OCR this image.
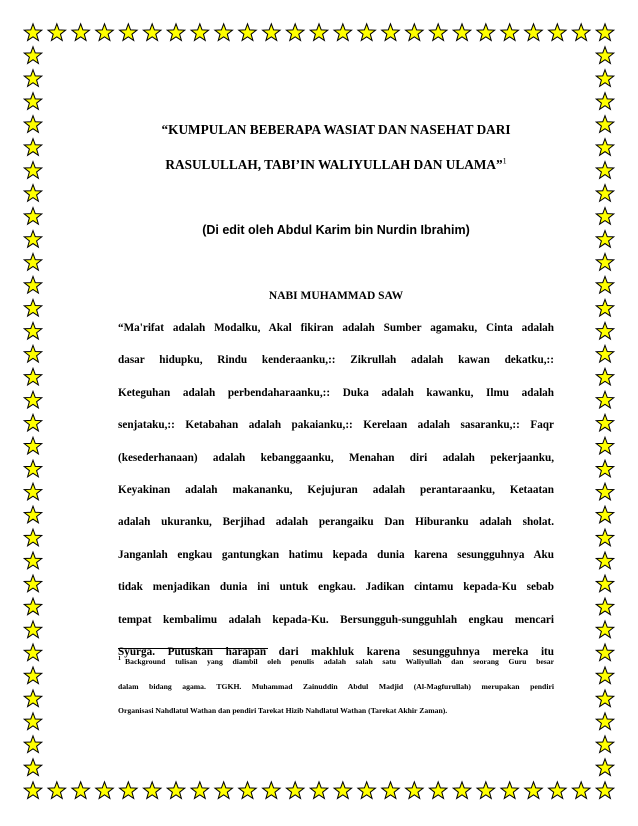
“KUMPULAN BEBERAPA WASIAT DAN NASEHAT DARI
RASULULLAH, TABI’IN WALIYULLAH DAN ULAMA”$^1$
(Di edit oleh Abdul Karim bin Nurdin Ibrahim)
NABI MUHAMMAD SAW
“Ma'rifat adalah Modalku, Akal fikiran adalah Sumber agamaku, Cinta adalah
dasar hidupku, Rindu kenderaanku,:: Zikrullah adalah kawan dekatku,::
Keteguhan adalah perbendaharaanku,:: Duka adalah kawanku, Ilmu adalah
senjataku,:: Ketabahan adalah pakaianku,:: Kerelaan adalah sasaranku,:: Faqr
(kesederhanaan) adalah kebanggaanku, Menahan diri adalah pekerjaanku,
Keyakinan adalah makananku, Kejujuran adalah perantaraanku, Ketaatan
adalah ukuranku, Berjihad adalah perangaiku Dan Hiburanku adalah sholat.
Janganlah engkau gantungkan hatimu kepada dunia karena sesungguhnya Aku
tidak menjadikan dunia ini untuk engkau. Jadikan cintamu kepada-Ku sebab
tempat kembalimu adalah kepada-Ku. Bersungguh-sungguhlah engkau mencari
Syurga. Putuskan harapan dari makhluk karena sesungguhnya mereka itu
$^1$ Background tulisan yang diambil oleh penulis adalah salah satu Waliyullah dan seorang Guru besar
dalam bidang agama. TGKH. Muhammad Zainuddin Abdul Madjid (Al-Magfurullah) merupakan pendiri
Organisasi Nahdlatul Wathan dan pendiri Tarekat Hizib Nahdlatul Wathan (Tarekat Akhir Zaman).
